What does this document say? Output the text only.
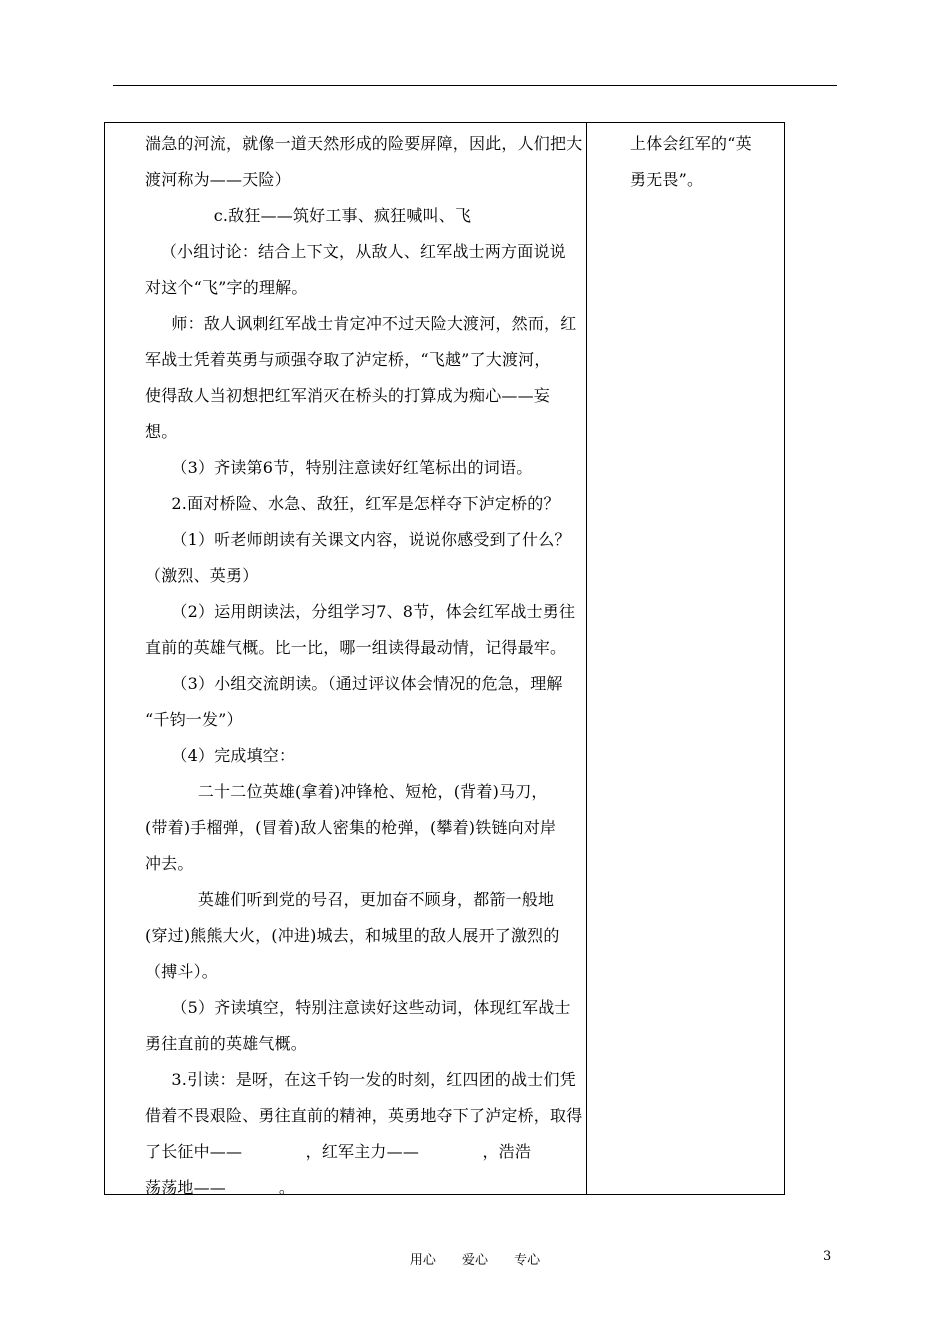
湍急的河流，就像一道天然形成的险要屏障，因此，人们把大
渡河称为——天险）
c.敌狂——筑好工事、疯狂喊叫、飞
（小组讨论：结合上下文，从敌人、红军战士两方面说说
对这个“飞”字的理解。
师：敌人讽刺红军战士肯定冲不过天险大渡河，然而，红
军战士凭着英勇与顽强夺取了泸定桥，“飞越”了大渡河，
使得敌人当初想把红军消灭在桥头的打算成为痴心——妄
想。
（3）齐读第6节，特别注意读好红笔标出的词语。
2.面对桥险、水急、敌狂，红军是怎样夺下泸定桥的？
（1）听老师朗读有关课文内容，说说你感受到了什么？
（激烈、英勇）
（2）运用朗读法，分组学习7、8节，体会红军战士勇往
直前的英雄气概。比一比，哪一组读得最动情，记得最牢。
（3）小组交流朗读。（通过评议体会情况的危急，理解
“千钧一发”）
（4）完成填空：
二十二位英雄(拿着)冲锋枪、短枪，(背着)马刀，
(带着)手榴弹，(冒着)敌人密集的枪弹，(攀着)铁链向对岸
冲去。
英雄们听到党的号召，更加奋不顾身，都箭一般地
(穿过)熊熊大火，(冲进)城去，和城里的敌人展开了激烈的
（搏斗）。
（5）齐读填空，特别注意读好这些动词，体现红军战士
勇往直前的英雄气概。
3.引读：是呀，在这千钧一发的时刻，红四团的战士们凭
借着不畏艰险、勇往直前的精神，英勇地夺下了泸定桥，取得
了长征中——            ，红军主力——            ，浩浩
荡荡地——          。
上体会红军的“英
勇无畏”。
用心 爱心 专心	3
